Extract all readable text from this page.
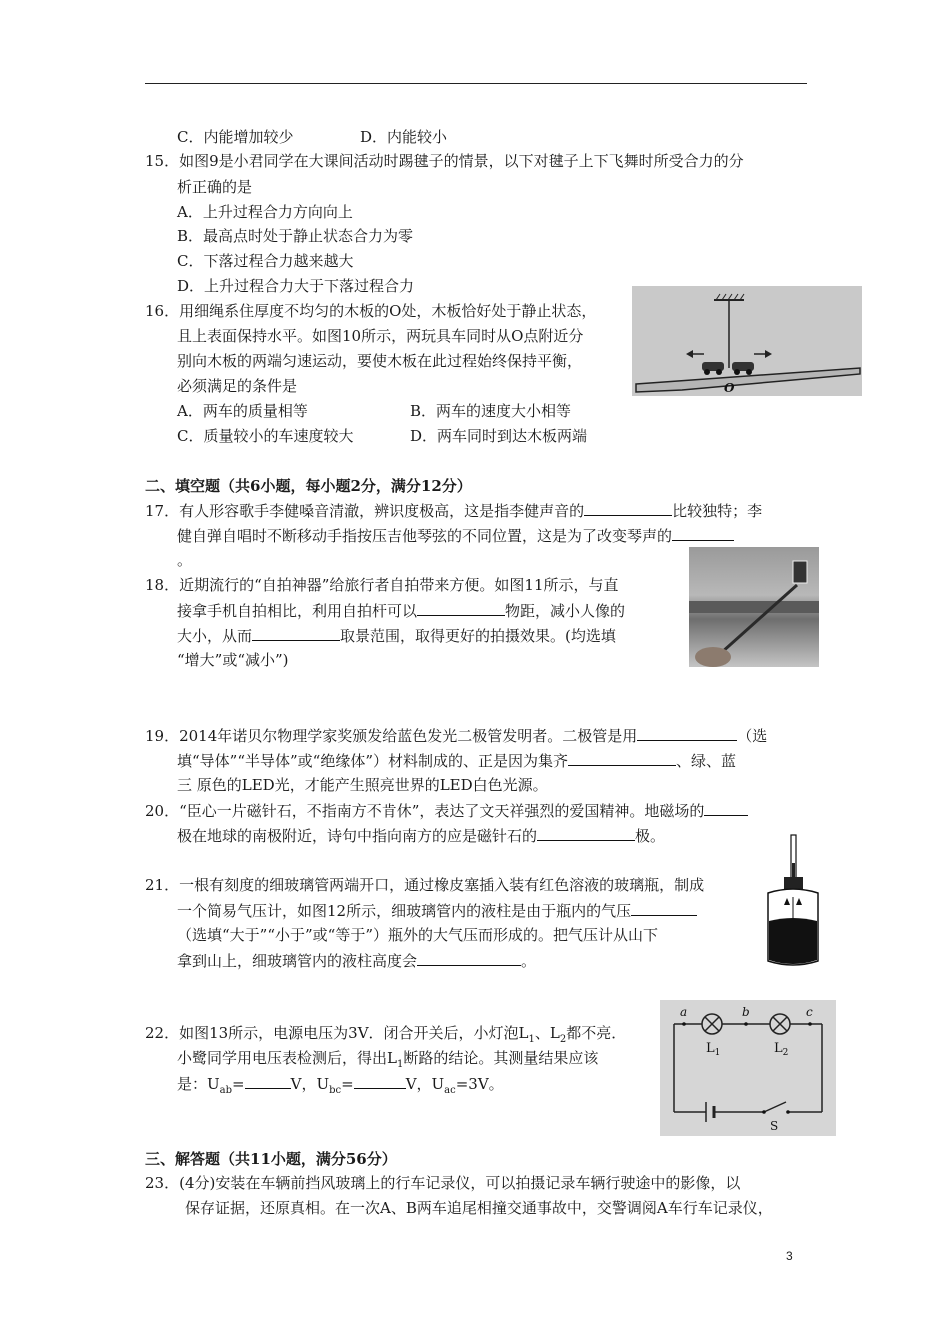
C．内能增加较少	D．内能较小
15．如图9是小君同学在大课间活动时踢毽子的情景，以下对毽子上下飞舞时所受合力的分
析正确的是
A．上升过程合力方向向上
B．最高点时处于静止状态合力为零
C．下落过程合力越来越大
D．上升过程合力大于下落过程合力
16．用细绳系住厚度不均匀的木板的O处，木板恰好处于静止状态，
且上表面保持水平。如图10所示，两玩具车同时从O点附近分
别向木板的两端匀速运动，要使木板在此过程始终保持平衡，
必须满足的条件是
A．两车的质量相等	B．两车的速度大小相等
C．质量较小的车速度较大	D．两车同时到达木板两端
O
二、填空题（共6小题，每小题2分，满分12分）
17．有人形容歌手李健嗓音清澈，辨识度极高，这是指李健声音的	比较独特；李
健自弹自唱时不断移动手指按压吉他琴弦的不同位置，这是为了改变琴声的
。
18．近期流行的“自拍神器”给旅行者自拍带来方便。如图11所示，与直
接拿手机自拍相比，利用自拍杆可以	物距，减小人像的
大小，从而	取景范围，取得更好的拍摄效果。(均选填
“增大”或“减小”)
19．2014年诺贝尔物理学家奖颁发给蓝色发光二极管发明者。二极管是用	（选
填“导体”“半导体”或“绝缘体”）材料制成的、正是因为集齐	、绿、蓝
三 原色的LED光，才能产生照亮世界的LED白色光源。
20．“臣心一片磁针石，不指南方不肯休”，表达了文天祥强烈的爱国精神。地磁场的
极在地球的南极附近，诗句中指向南方的应是磁针石的	极。
21．一根有刻度的细玻璃管两端开口，通过橡皮塞插入装有红色溶液的玻璃瓶，制成
一个简易气压计，如图12所示，细玻璃管内的液柱是由于瓶内的气压
（选填“大于”“小于”或“等于”）瓶外的大气压而形成的。把气压计从山下
拿到山上，细玻璃管内的液柱高度会	。
22．如图13所示，电源电压为3V．闭合开关后，小灯泡$L_1$、$L_2$都不亮．
小鹭同学用电压表检测后，得出$L_1$断路的结论。其测量结果应该
是：$U_{ab}=$	V，$U_{bc}=$	V，$U_{ac}=3V$。
a	b	c
$L_1$	$L_2$
S
三、解答题（共11小题，满分56分）
23．(4分)安装在车辆前挡风玻璃上的行车记录仪，可以拍摄记录车辆行驶途中的影像，以
保存证据，还原真相。在一次A、B两车追尾相撞交通事故中，交警调阅A车行车记录仪，
3
